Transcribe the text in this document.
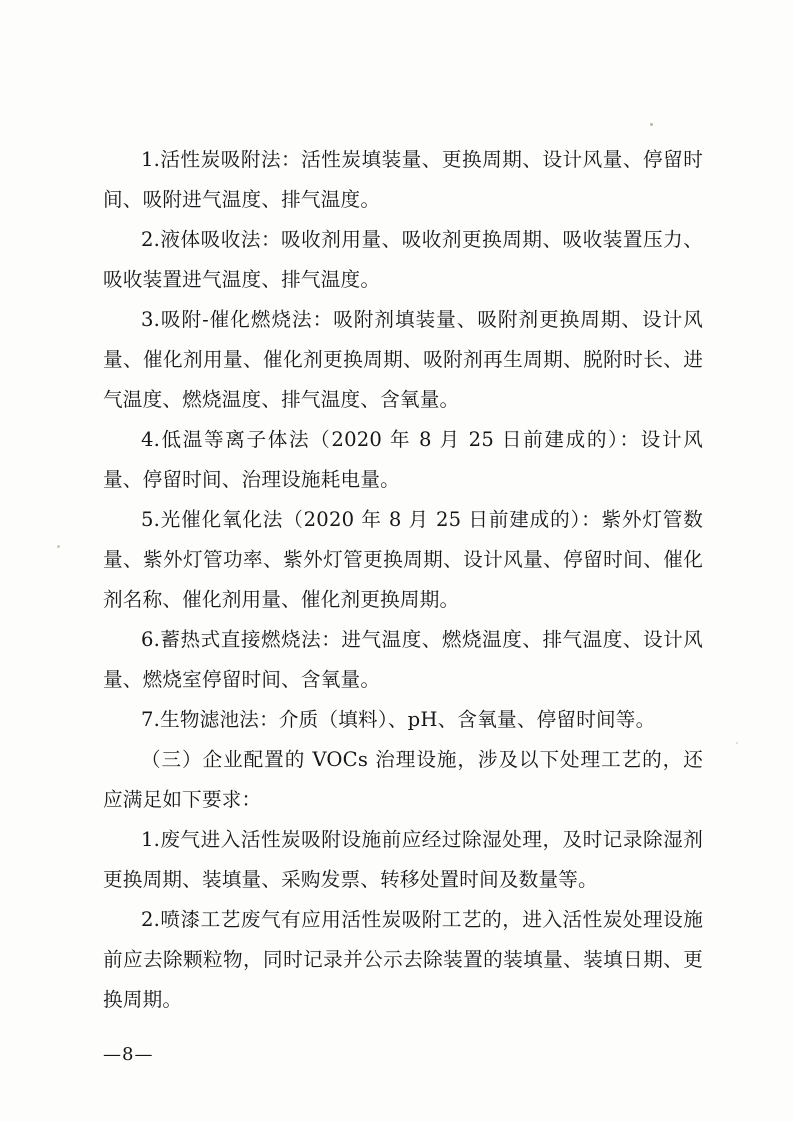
1.活性炭吸附法：活性炭填装量、更换周期、设计风量、停留时间、吸附进气温度、排气温度。

2.液体吸收法：吸收剂用量、吸收剂更换周期、吸收装置压力、吸收装置进气温度、排气温度。

3.吸附-催化燃烧法：吸附剂填装量、吸附剂更换周期、设计风量、催化剂用量、催化剂更换周期、吸附剂再生周期、脱附时长、进气温度、燃烧温度、排气温度、含氧量。

4.低温等离子体法（2020 年 8 月 25 日前建成的）：设计风量、停留时间、治理设施耗电量。

5.光催化氧化法（2020 年 8 月 25 日前建成的）：紫外灯管数量、紫外灯管功率、紫外灯管更换周期、设计风量、停留时间、催化剂名称、催化剂用量、催化剂更换周期。

6.蓄热式直接燃烧法：进气温度、燃烧温度、排气温度、设计风量、燃烧室停留时间、含氧量。

7.生物滤池法：介质（填料）、pH、含氧量、停留时间等。

（三）企业配置的 VOCs 治理设施，涉及以下处理工艺的，还应满足如下要求：

1.废气进入活性炭吸附设施前应经过除湿处理，及时记录除湿剂更换周期、装填量、采购发票、转移处置时间及数量等。

2.喷漆工艺废气有应用活性炭吸附工艺的，进入活性炭处理设施前应去除颗粒物，同时记录并公示去除装置的装填量、装填日期、更换周期。

—8—
